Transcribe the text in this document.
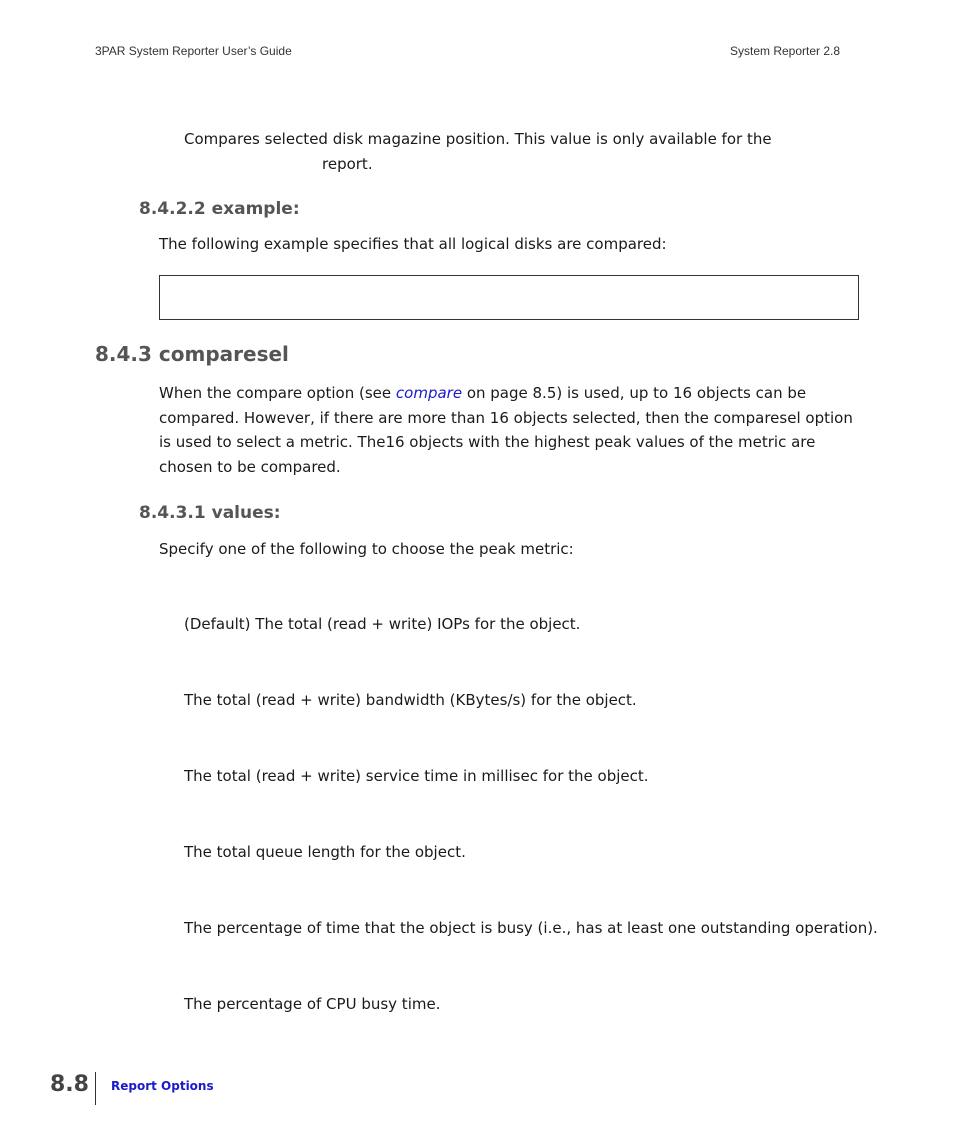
3PAR System Reporter User’s Guide	System Reporter 2.8
Compares selected disk magazine position. This value is only available for the
report.
8.4.2.2 example:
The following example specifies that all logical disks are compared:
8.4.3 comparesel
When the compare option (see compare on page 8.5) is used, up to 16 objects can be compared. However, if there are more than 16 objects selected, then the comparesel option is used to select a metric. The16 objects with the highest peak values of the metric are chosen to be compared.
8.4.3.1 values:
Specify one of the following to choose the peak metric:
(Default) The total (read + write) IOPs for the object.
The total (read + write) bandwidth (KBytes/s) for the object.
The total (read + write) service time in millisec for the object.
The total queue length for the object.
The percentage of time that the object is busy (i.e., has at least one outstanding operation).
The percentage of CPU busy time.
8.8 Report Options
